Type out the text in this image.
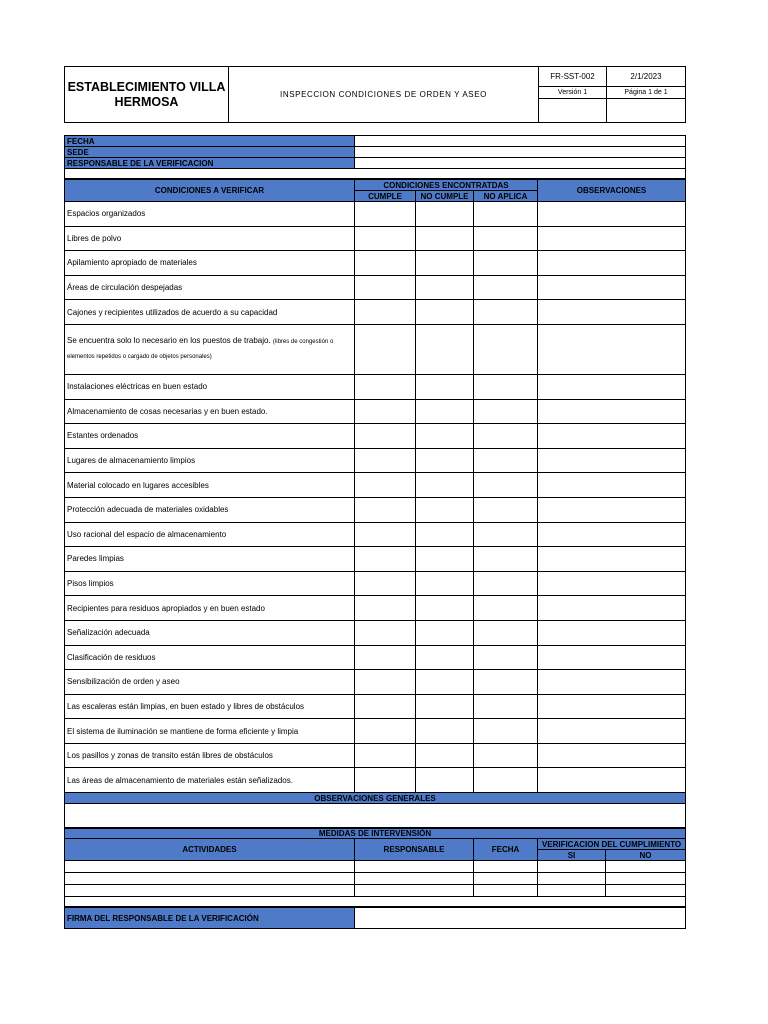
ESTABLECIMIENTO VILLA HERMOSA	INSPECCION CONDICIONES DE ORDEN Y ASEO	FR-SST-002	2/1/2023
		Versión 1	Página 1 de 1

FECHA	
SEDE	
RESPONSABLE DE LA VERIFICACION	

CONDICIONES A VERIFICAR	CONDICIONES ENCONTRATDAS			OBSERVACIONES
	CUMPLE	NO CUMPLE	NO APLICA	
Espacios organizados				
Libres de polvo				
Apilamiento apropiado de materiales				
Áreas de circulación despejadas				
Cajones y recipientes utilizados de acuerdo a su capacidad				
Se encuentra solo lo necesario en los puestos de trabajo. (libres de congestión o elementos repetidos o cargado de objetos personales)				
Instalaciones eléctricas en buen estado				
Almacenamiento de cosas necesarias y en buen estado.				
Estantes ordenados				
Lugares de almacenamiento limpios				
Material colocado en lugares accesibles				
Protección adecuada de materiales oxidables				
Uso racional del espacio de almacenamiento				
Paredes limpias				
Pisos limpios				
Recipientes para residuos apropiados y en buen estado				
Señalización adecuada				
Clasificación de residuos				
Sensibilización de orden y aseo				
Las escaleras están limpias, en buen estado y libres de obstáculos				
El sistema de iluminación se mantiene de forma eficiente y limpia				
Los pasillos y zonas de transito están libres de obstáculos				
Las áreas de almacenamiento de materiales están señalizados.				
OBSERVACIONES GENERALES				

MEDIDAS DE INTERVENSIÓN				
ACTIVIDADES	RESPONSABLE	FECHA	VERIFICACION DEL CUMPLIMIENTO	
			SI	NO

FIRMA DEL RESPONSABLE DE LA VERIFICACIÓN	
